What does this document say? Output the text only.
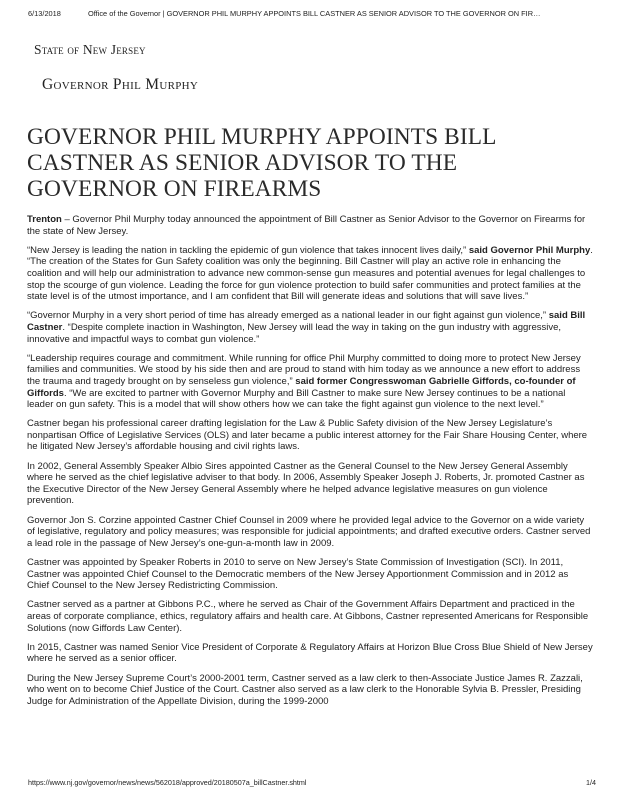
6/13/2018	Office of the Governor | GOVERNOR PHIL MURPHY APPOINTS BILL CASTNER AS SENIOR ADVISOR TO THE GOVERNOR ON FIR…
State of New Jersey
Governor Phil Murphy
GOVERNOR PHIL MURPHY APPOINTS BILL CASTNER AS SENIOR ADVISOR TO THE GOVERNOR ON FIREARMS

Trenton – Governor Phil Murphy today announced the appointment of Bill Castner as Senior Advisor to the Governor on Firearms for the state of New Jersey.

“New Jersey is leading the nation in tackling the epidemic of gun violence that takes innocent lives daily,” said Governor Phil Murphy. “The creation of the States for Gun Safety coalition was only the beginning. Bill Castner will play an active role in enhancing the coalition and will help our administration to advance new common-sense gun measures and potential avenues for legal challenges to stop the scourge of gun violence. Leading the force for gun violence protection to build safer communities and protect families at the state level is of the utmost importance, and I am confident that Bill will generate ideas and solutions that will save lives.”

“Governor Murphy in a very short period of time has already emerged as a national leader in our fight against gun violence,” said Bill Castner. “Despite complete inaction in Washington, New Jersey will lead the way in taking on the gun industry with aggressive, innovative and impactful ways to combat gun violence.”

“Leadership requires courage and commitment. While running for office Phil Murphy committed to doing more to protect New Jersey families and communities. We stood by his side then and are proud to stand with him today as we announce a new effort to address the trauma and tragedy brought on by senseless gun violence,” said former Congresswoman Gabrielle Giffords, co-founder of Giffords. “We are excited to partner with Governor Murphy and Bill Castner to make sure New Jersey continues to be a national leader on gun safety. This is a model that will show others how we can take the fight against gun violence to the next level.”

Castner began his professional career drafting legislation for the Law & Public Safety division of the New Jersey Legislature’s nonpartisan Office of Legislative Services (OLS) and later became a public interest attorney for the Fair Share Housing Center, where he litigated New Jersey’s affordable housing and civil rights laws.

In 2002, General Assembly Speaker Albio Sires appointed Castner as the General Counsel to the New Jersey General Assembly where he served as the chief legislative adviser to that body. In 2006, Assembly Speaker Joseph J. Roberts, Jr. promoted Castner as the Executive Director of the New Jersey General Assembly where he helped advance legislative measures on gun violence prevention.

Governor Jon S. Corzine appointed Castner Chief Counsel in 2009 where he provided legal advice to the Governor on a wide variety of legislative, regulatory and policy measures; was responsible for judicial appointments; and drafted executive orders. Castner served a lead role in the passage of New Jersey’s one-gun-a-month law in 2009.

Castner was appointed by Speaker Roberts in 2010 to serve on New Jersey’s State Commission of Investigation (SCI). In 2011, Castner was appointed Chief Counsel to the Democratic members of the New Jersey Apportionment Commission and in 2012 as Chief Counsel to the New Jersey Redistricting Commission.

Castner served as a partner at Gibbons P.C., where he served as Chair of the Government Affairs Department and practiced in the areas of corporate compliance, ethics, regulatory affairs and health care. At Gibbons, Castner represented Americans for Responsible Solutions (now Giffords Law Center).

In 2015, Castner was named Senior Vice President of Corporate & Regulatory Affairs at Horizon Blue Cross Blue Shield of New Jersey where he served as a senior officer.

During the New Jersey Supreme Court’s 2000-2001 term, Castner served as a law clerk to then-Associate Justice James R. Zazzali, who went on to become Chief Justice of the Court. Castner also served as a law clerk to the Honorable Sylvia B. Pressler, Presiding Judge for Administration of the Appellate Division, during the 1999-2000

https://www.nj.gov/governor/news/news/562018/approved/20180507a_billCastner.shtml	1/4
